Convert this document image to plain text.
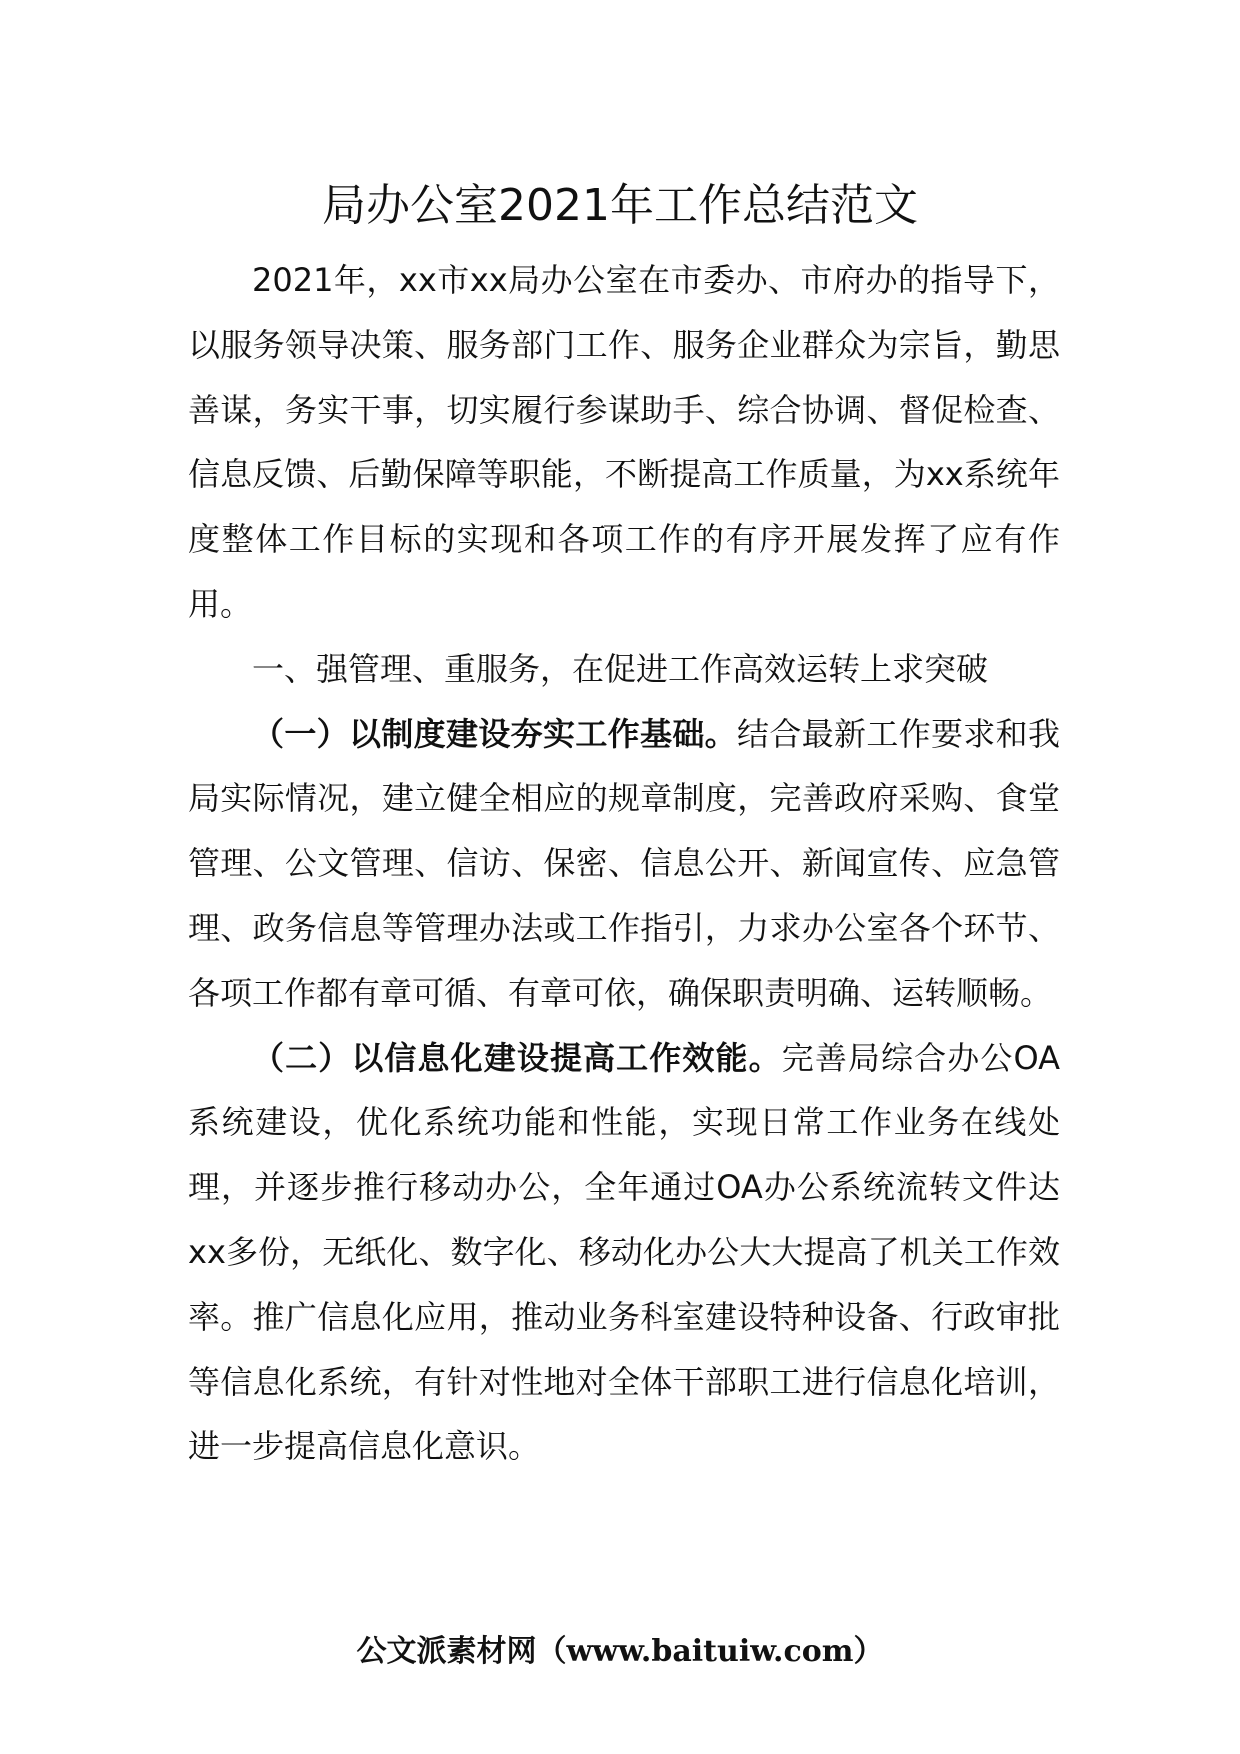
局办公室2021年工作总结范文

2021年，xx市xx局办公室在市委办、市府办的指导下，以服务领导决策、服务部门工作、服务企业群众为宗旨，勤思善谋，务实干事，切实履行参谋助手、综合协调、督促检查、信息反馈、后勤保障等职能，不断提高工作质量，为xx系统年度整体工作目标的实现和各项工作的有序开展发挥了应有作用。

一、强管理、重服务，在促进工作高效运转上求突破

（一）以制度建设夯实工作基础。结合最新工作要求和我局实际情况，建立健全相应的规章制度，完善政府采购、食堂管理、公文管理、信访、保密、信息公开、新闻宣传、应急管理、政务信息等管理办法或工作指引，力求办公室各个环节、各项工作都有章可循、有章可依，确保职责明确、运转顺畅。

（二）以信息化建设提高工作效能。完善局综合办公OA系统建设，优化系统功能和性能，实现日常工作业务在线处理，并逐步推行移动办公，全年通过OA办公系统流转文件达xx多份，无纸化、数字化、移动化办公大大提高了机关工作效率。推广信息化应用，推动业务科室建设特种设备、行政审批等信息化系统，有针对性地对全体干部职工进行信息化培训，进一步提高信息化意识。

公文派素材网（www.baituiw.com）
